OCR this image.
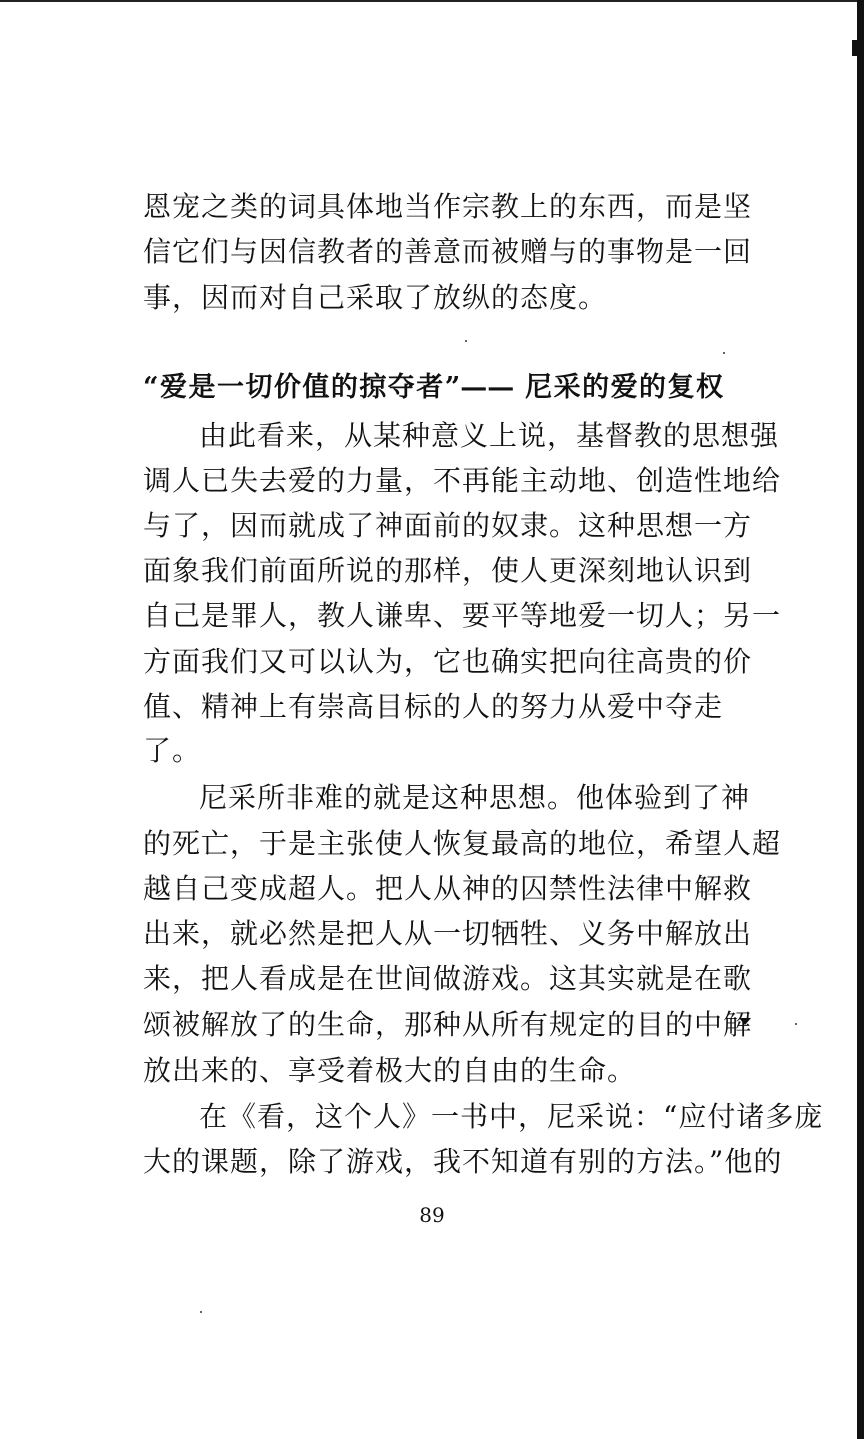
恩宠之类的词具体地当作宗教上的东西，而是坚
信它们与因信教者的善意而被赠与的事物是一回
事，因而对自己采取了放纵的态度。
“爱是一切价值的掠夺者”—— 尼采的爱的复权
由此看来，从某种意义上说，基督教的思想强
调人已失去爱的力量，不再能主动地、创造性地给
与了，因而就成了神面前的奴隶。这种思想一方
面象我们前面所说的那样，使人更深刻地认识到
自己是罪人，教人谦卑、要平等地爱一切人；另一
方面我们又可以认为，它也确实把向往高贵的价
值、精神上有崇高目标的人的努力从爱中夺走
了。
尼采所非难的就是这种思想。他体验到了神
的死亡，于是主张使人恢复最高的地位，希望人超
越自己变成超人。把人从神的囚禁性法律中解救
出来，就必然是把人从一切牺牲、义务中解放出
来，把人看成是在世间做游戏。这其实就是在歌
颂被解放了的生命，那种从所有规定的目的中解
放出来的、享受着极大的自由的生命。
在《看，这个人》一书中，尼采说：“应付诸多庞
大的课题，除了游戏，我不知道有别的方法。”他的
89
